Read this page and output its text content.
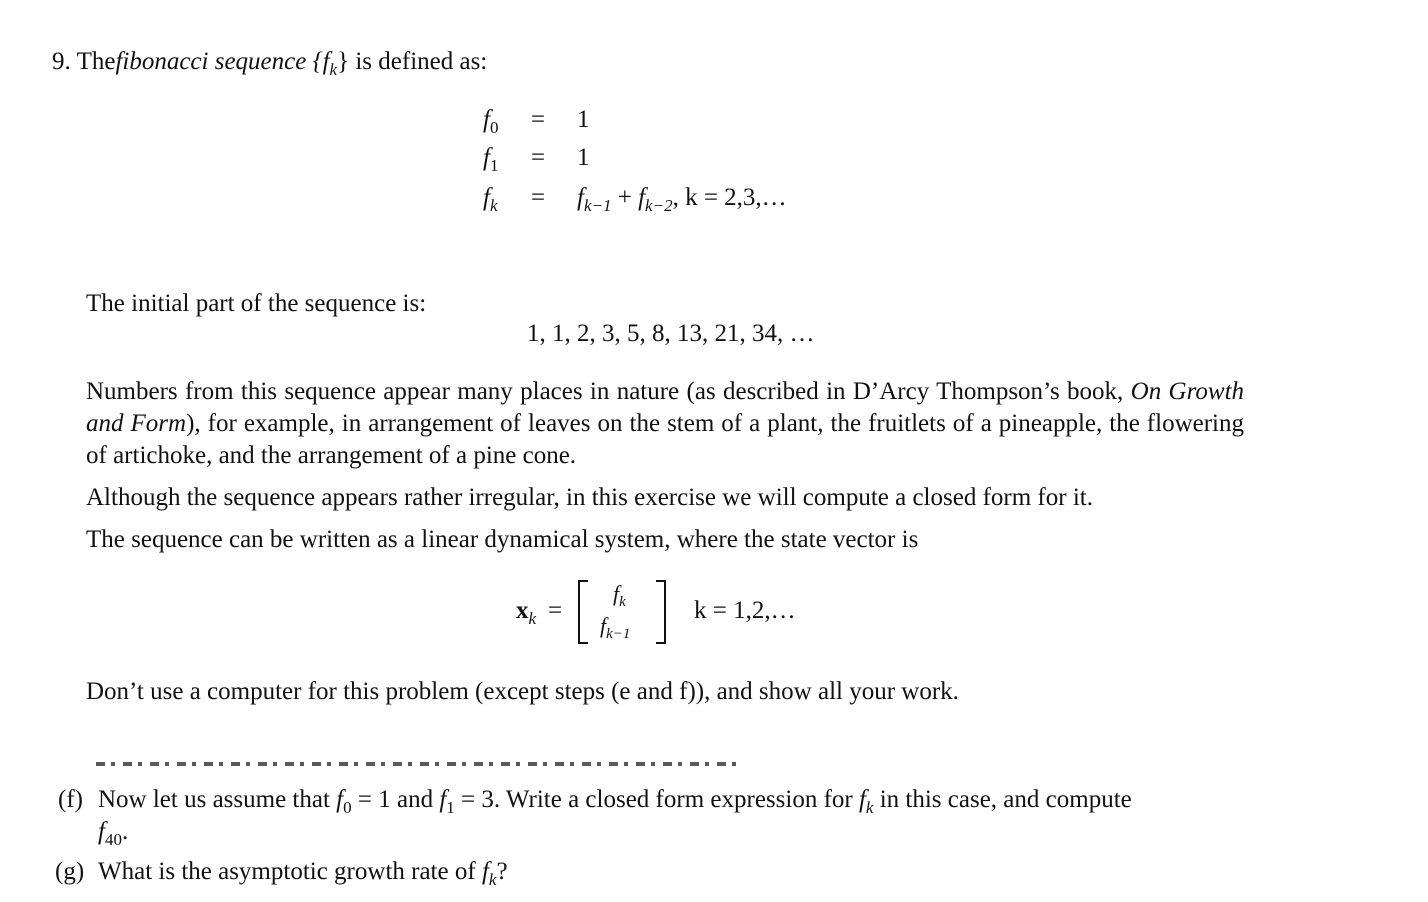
9. Thefibonacci sequence $\{f_k\}$ is defined as:
$f_0 = 1$
$f_1 = 1$
$f_k = f_{k-1} + f_{k-2}$, k = 2,3,…
The initial part of the sequence is:
1, 1, 2, 3, 5, 8, 13, 21, 34, …
Numbers from this sequence appear many places in nature (as described in D’Arcy Thompson’s book, On Growth and Form), for example, in arrangement of leaves on the stem of a plant, the fruitlets of a pineapple, the flowering of artichoke, and the arrangement of a pine cone.
Although the sequence appears rather irregular, in this exercise we will compute a closed form for it.
The sequence can be written as a linear dynamical system, where the state vector is
$x_k$ =
$f_k$
$f_{k-1}$
k = 1,2,…
Don’t use a computer for this problem (except steps (e and f)), and show all your work.
(f) Now let us assume that $f_0 = 1$ and $f_1 = 3$. Write a closed form expression for $f_k$ in this case, and compute
$f_{40}$.
(g) What is the asymptotic growth rate of $f_k$?
